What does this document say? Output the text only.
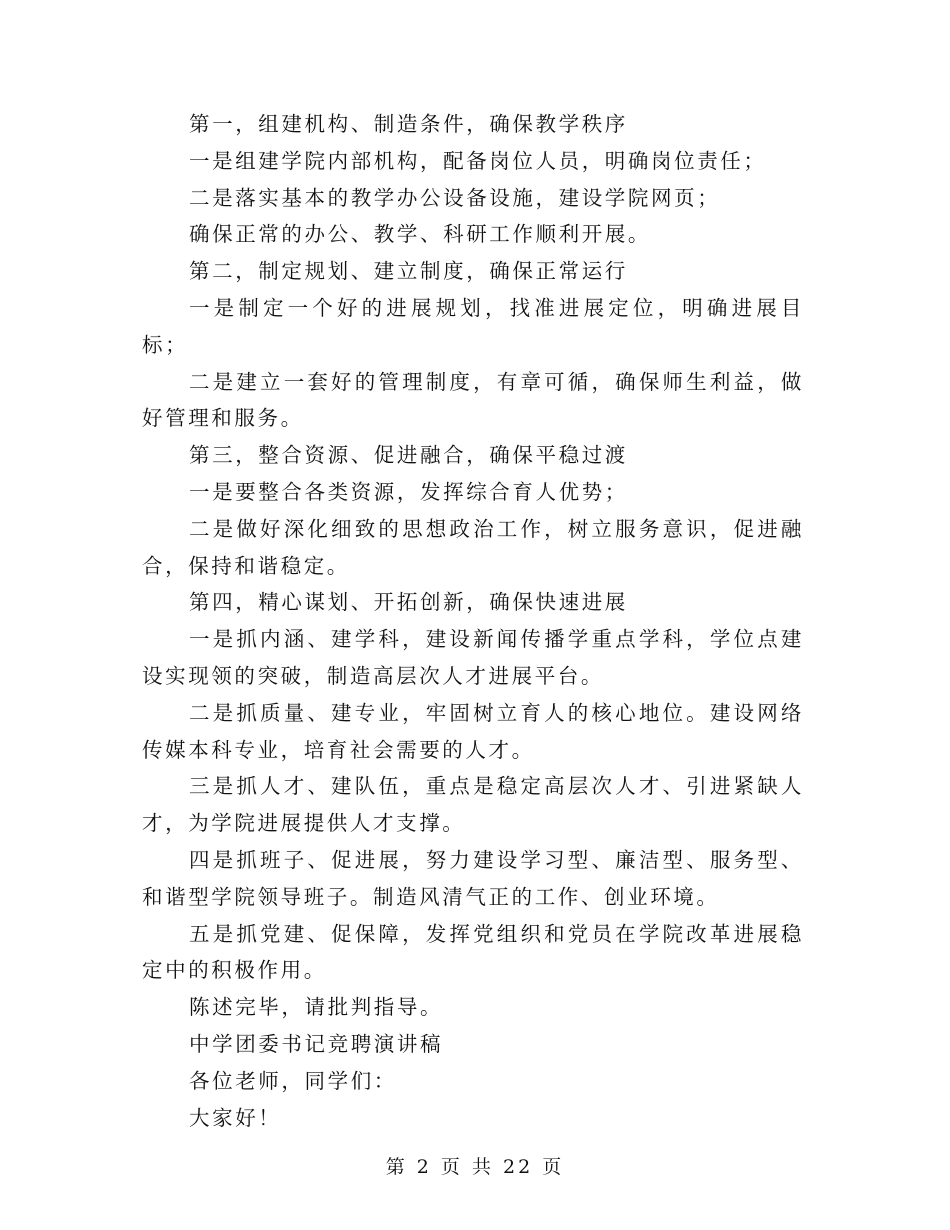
第一，组建机构、制造条件，确保教学秩序

一是组建学院内部机构，配备岗位人员，明确岗位责任；

二是落实基本的教学办公设备设施，建设学院网页；

确保正常的办公、教学、科研工作顺利开展。

第二，制定规划、建立制度，确保正常运行

一是制定一个好的进展规划，找准进展定位，明确进展目标；

二是建立一套好的管理制度，有章可循，确保师生利益，做好管理和服务。

第三，整合资源、促进融合，确保平稳过渡

一是要整合各类资源，发挥综合育人优势；

二是做好深化细致的思想政治工作，树立服务意识，促进融合，保持和谐稳定。

第四，精心谋划、开拓创新，确保快速进展

一是抓内涵、建学科，建设新闻传播学重点学科，学位点建设实现领的突破，制造高层次人才进展平台。

二是抓质量、建专业，牢固树立育人的核心地位。建设网络传媒本科专业，培育社会需要的人才。

三是抓人才、建队伍，重点是稳定高层次人才、引进紧缺人才，为学院进展提供人才支撑。

四是抓班子、促进展，努力建设学习型、廉洁型、服务型、和谐型学院领导班子。制造风清气正的工作、创业环境。

五是抓党建、促保障，发挥党组织和党员在学院改革进展稳定中的积极作用。

陈述完毕，请批判指导。

中学团委书记竞聘演讲稿

各位老师，同学们：

大家好！

第 2 页 共 22 页
